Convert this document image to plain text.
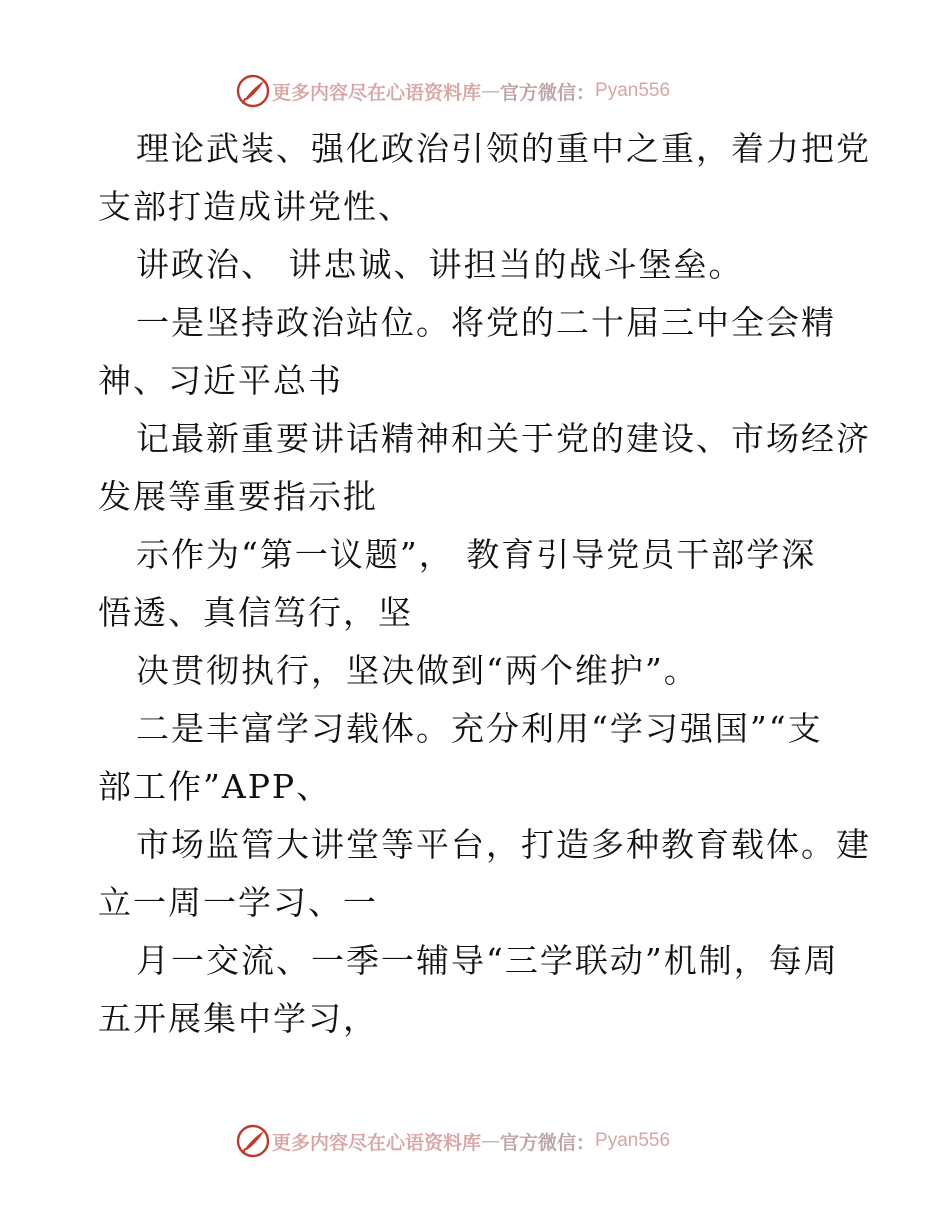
更多内容尽在心语资料库 — 官方微信： Pyan556
理论武装、强化政治引领的重中之重，着力把党
支部打造成讲党性、
讲政治、 讲忠诚、讲担当的战斗堡垒。
一是坚持政治站位。将党的二十届三中全会精
神、习近平总书
记最新重要讲话精神和关于党的建设、市场经济
发展等重要指示批
示作为“第一议题”， 教育引导党员干部学深
悟透、真信笃行，坚
决贯彻执行，坚决做到“两个维护”。
二是丰富学习载体。充分利用“学习强国”“支
部工作”APP、
市场监管大讲堂等平台，打造多种教育载体。建
立一周一学习、一
月一交流、一季一辅导“三学联动”机制，每周
五开展集中学习，
更多内容尽在心语资料库 — 官方微信： Pyan556
